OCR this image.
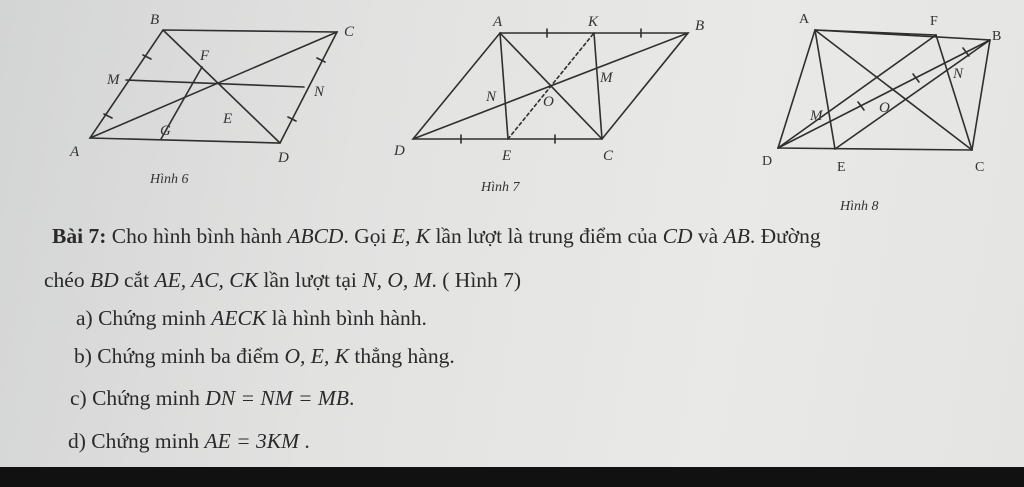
B
C
M
F
N
E
G
A	D
Hình 6
A	K	B
N	O
M
D	E	C
Hình 7
A	F
B
N
O
M
D	E	C
Hình 8
Bài 7: Cho hình bình hành ABCD. Gọi E, K lần lượt là trung điểm của CD và AB. Đường
chéo BD cắt AE, AC, CK lần lượt tại N, O, M. ( Hình 7)
a) Chứng minh AECK là hình bình hành.
b) Chứng minh ba điểm O, E, K thẳng hàng.
c) Chứng minh DN = NM = MB.
d) Chứng minh AE = 3KM .
